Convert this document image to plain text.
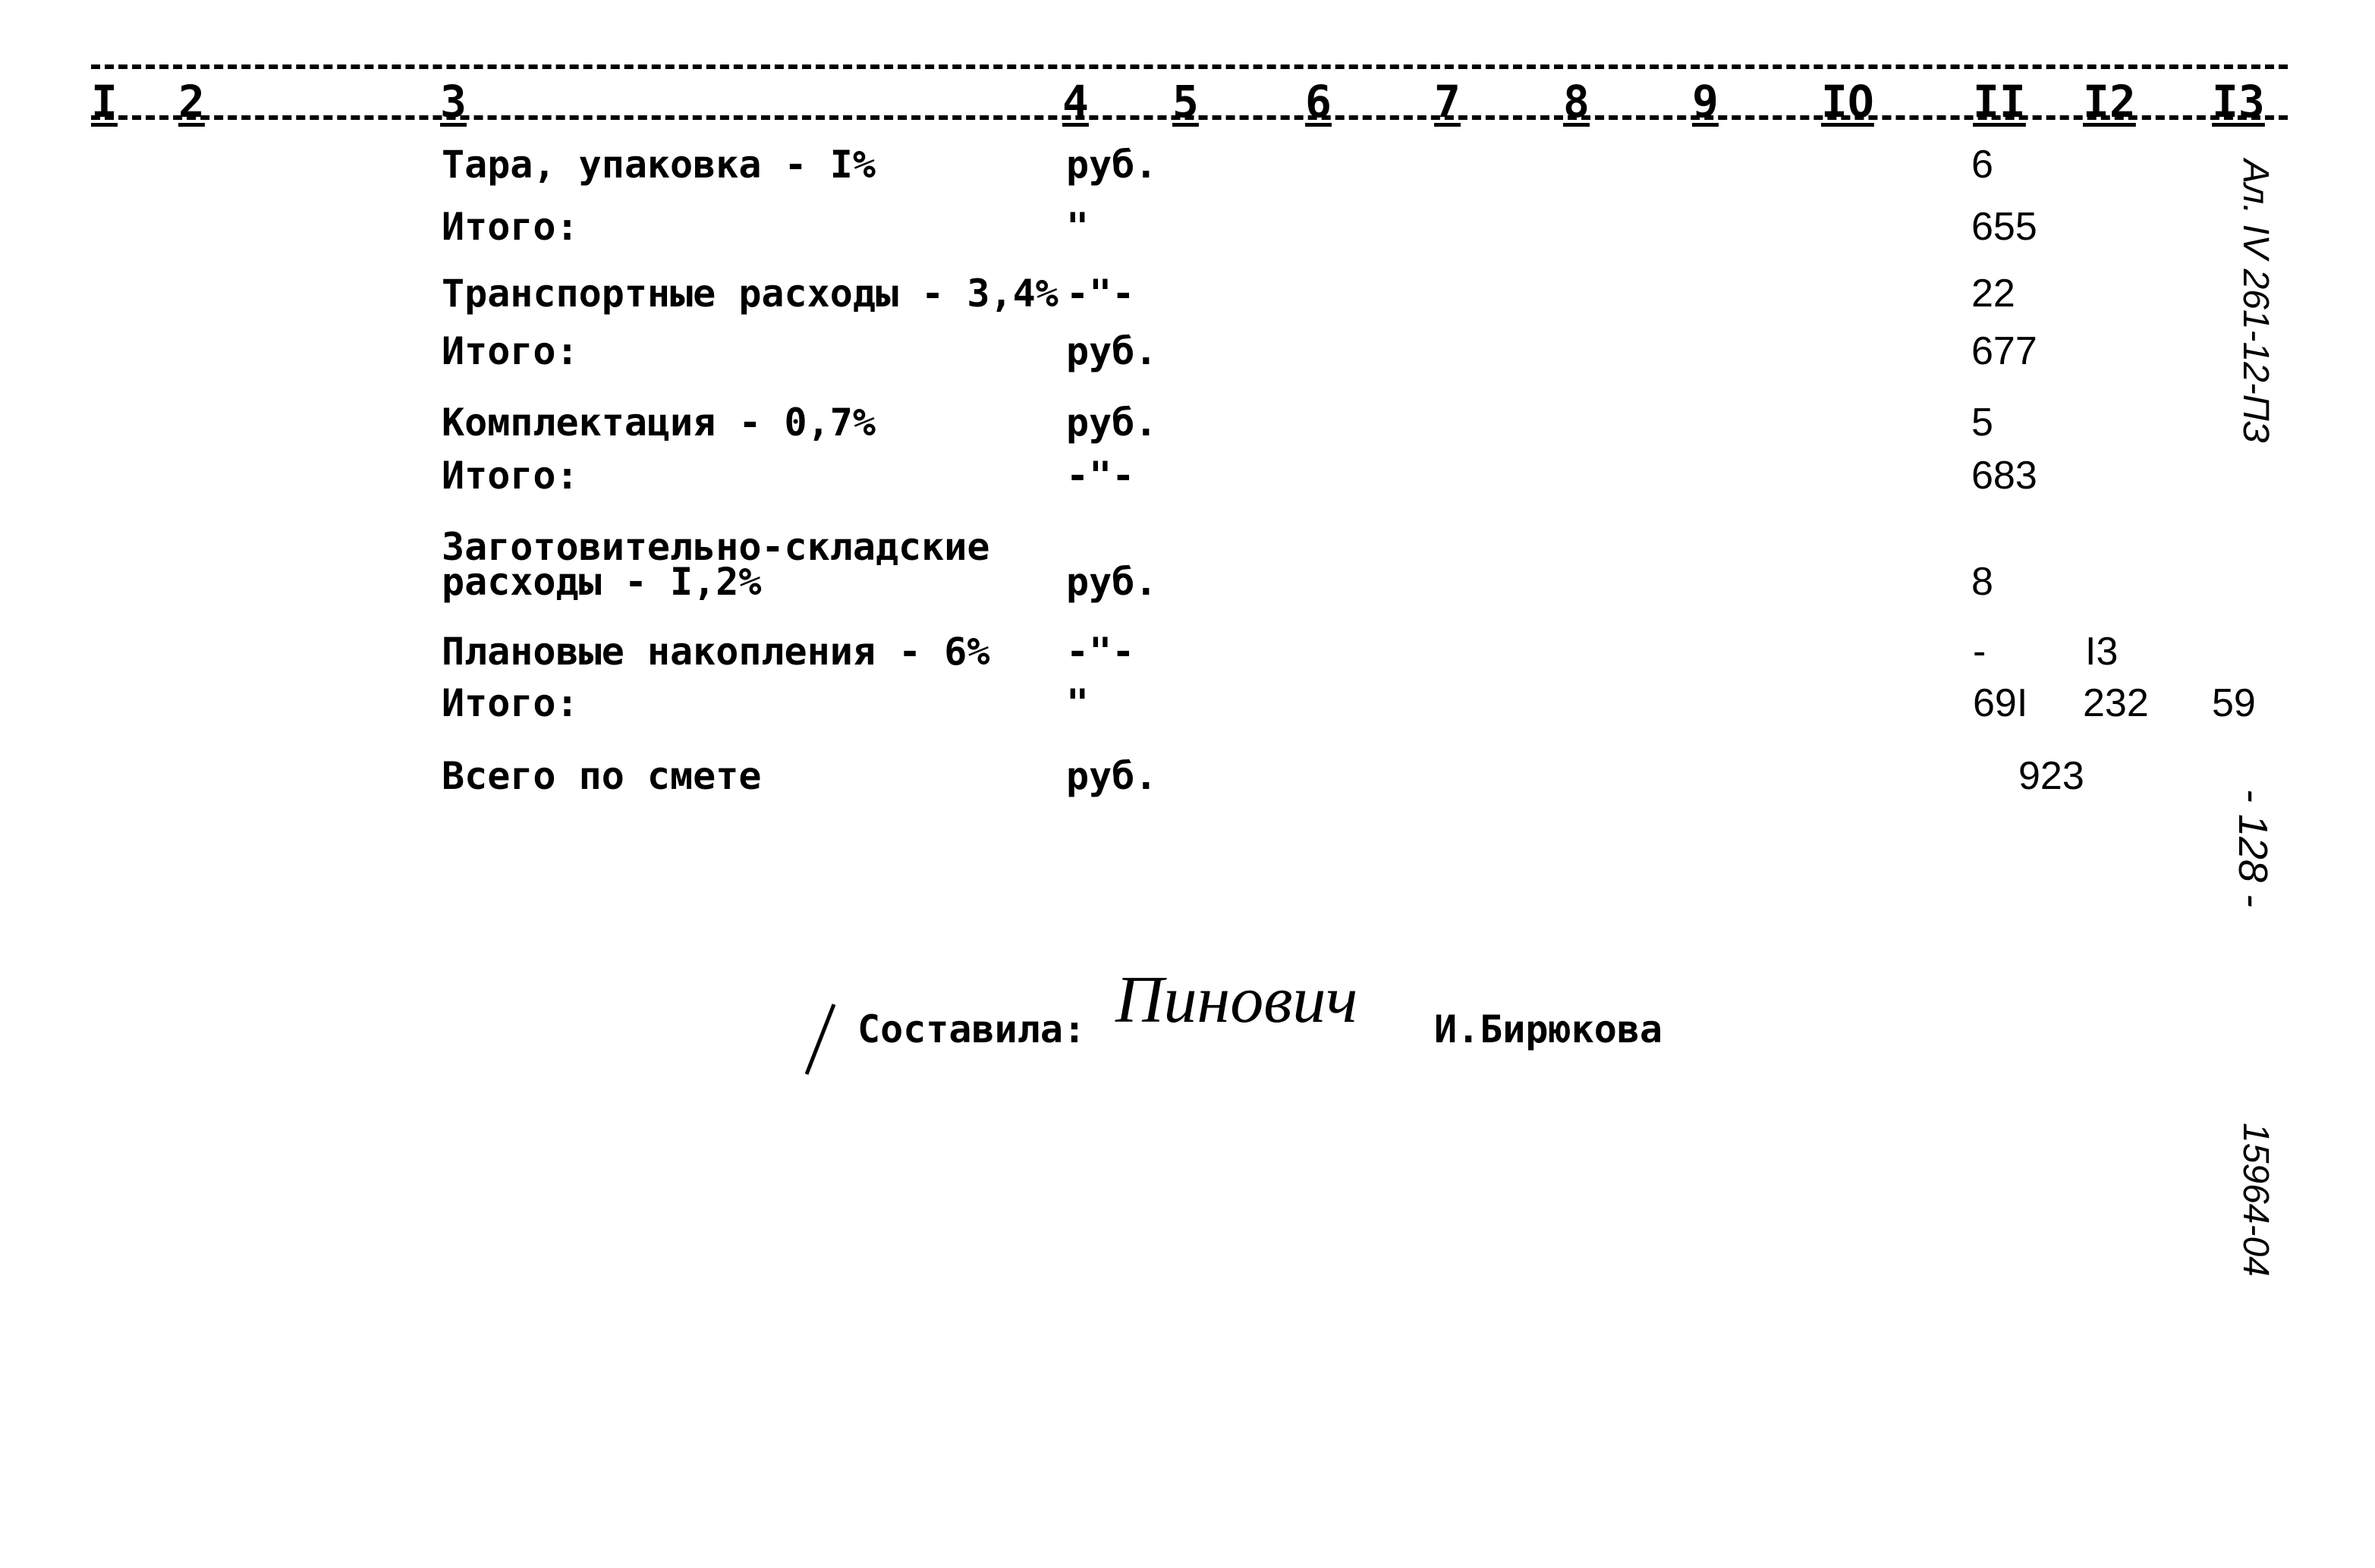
I 2	3	4 5 6 7 8 9 IO II I2 I3
Тара, упаковка - I%	руб.	6
Итого:	"	655
Транспортные расходы - 3,4% -"-	22
Итого:	руб.	677
Комплектация - 0,7%	руб.	5
Итого:	-"-	683
Заготовительно-складские
расходы - I,2%	руб.	8
Плановые накопления - 6% -"-	-	I3
Итого:	"	69I 232 59
Всего по смете	руб.	923
Ал. IV 261-12-ПЗ
- 128 -
15964-04
Составила: Пинович И.Бирюкова
